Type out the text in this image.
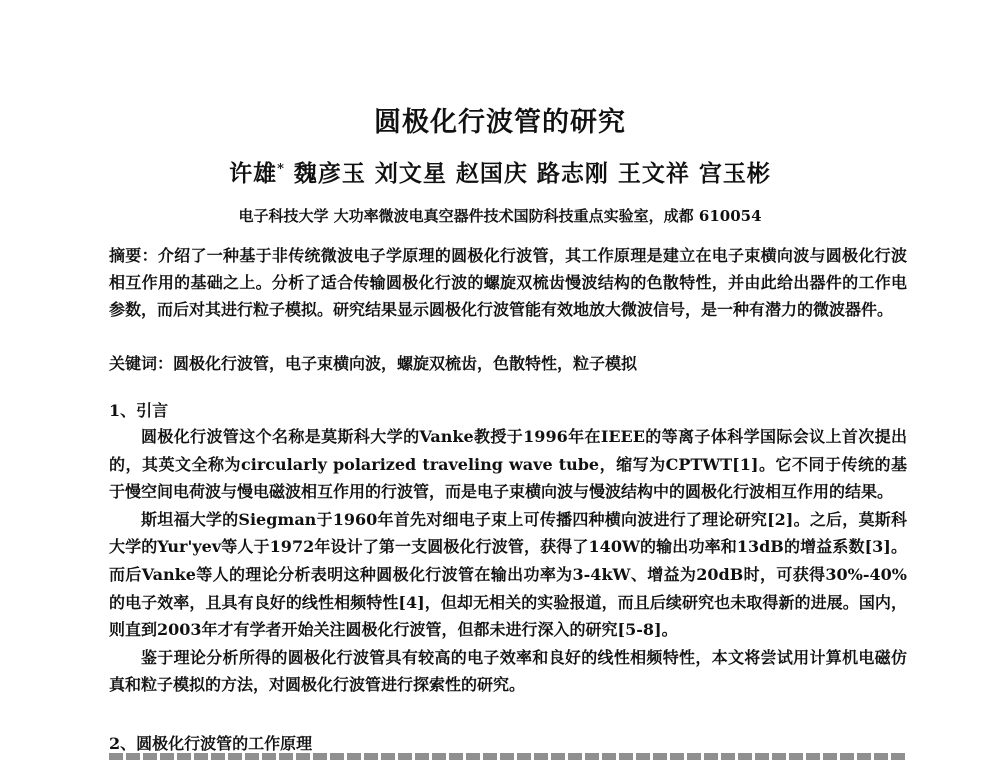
圆极化行波管的研究
许雄* 魏彦玉 刘文星 赵国庆 路志刚 王文祥 宫玉彬
电子科技大学 大功率微波电真空器件技术国防科技重点实验室，成都 610054
摘要：介绍了一种基于非传统微波电子学原理的圆极化行波管，其工作原理是建立在电子束横向波与圆极化行波相互作用的基础之上。分析了适合传输圆极化行波的螺旋双梳齿慢波结构的色散特性，并由此给出器件的工作电参数，而后对其进行粒子模拟。研究结果显示圆极化行波管能有效地放大微波信号，是一种有潜力的微波器件。
关键词：圆极化行波管，电子束横向波，螺旋双梳齿，色散特性，粒子模拟
1、引言

圆极化行波管这个名称是莫斯科大学的Vanke教授于1996年在IEEE的等离子体科学国际会议上首次提出的，其英文全称为circularly polarized traveling wave tube，缩写为CPTWT[1]。它不同于传统的基于慢空间电荷波与慢电磁波相互作用的行波管，而是电子束横向波与慢波结构中的圆极化行波相互作用的结果。

斯坦福大学的Siegman于1960年首先对细电子束上可传播四种横向波进行了理论研究[2]。之后，莫斯科大学的Yur'yev等人于1972年设计了第一支圆极化行波管，获得了140W的输出功率和13dB的增益系数[3]。而后Vanke等人的理论分析表明这种圆极化行波管在输出功率为3-4kW、增益为20dB时，可获得30%-40%的电子效率，且具有良好的线性相频特性[4]，但却无相关的实验报道，而且后续研究也未取得新的进展。国内，则直到2003年才有学者开始关注圆极化行波管，但都未进行深入的研究[5-8]。

鉴于理论分析所得的圆极化行波管具有较高的电子效率和良好的线性相频特性，本文将尝试用计算机电磁仿真和粒子模拟的方法，对圆极化行波管进行探索性的研究。

2、圆极化行波管的工作原理
